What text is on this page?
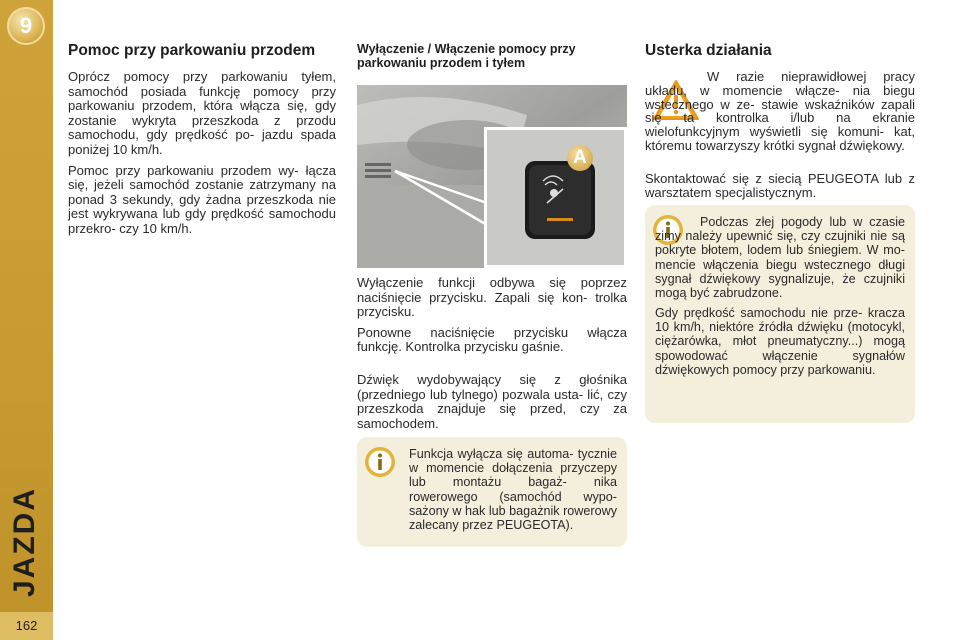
9
JAZDA
162
Pomoc przy parkowaniu przodem

Oprócz pomocy przy parkowaniu tyłem, samochód posiada funkcję pomocy przy parkowaniu przodem, która włącza się, gdy zostanie wykryta przeszkoda z przodu samochodu, gdy prędkość po- jazdu spada poniżej 10 km/h.

Pomoc przy parkowaniu przodem wy- łącza się, jeżeli samochód zostanie zatrzymany na ponad 3 sekundy, gdy żadna przeszkoda nie jest wykrywana lub gdy prędkość samochodu przekro- czy 10 km/h.

Wyłączenie / Włączenie pomocy przy parkowaniu przodem i tyłem
A

Wyłączenie funkcji odbywa się poprzez naciśnięcie przycisku. Zapali się kon- trolka przycisku.

Ponowne naciśnięcie przycisku włącza funkcję. Kontrolka przycisku gaśnie.

Dźwięk wydobywający się z głośnika (przedniego lub tylnego) pozwala usta- lić, czy przeszkoda znajduje się przed, czy za samochodem.

Funkcja wyłącza się automa- tycznie w momencie dołączenia przyczepy lub montażu bagaż- nika rowerowego (samochód wypo- sażony w hak lub bagażnik rowerowy zalecany przez PEUGEOTA).

Usterka działania

W razie nieprawidłowej pracy układu, w momencie włącze- nia biegu wstecznego w ze- stawie wskaźników zapali się ta kontrolka i/lub na ekranie wielofunkcyjnym wyświetli się komuni- kat, któremu towarzyszy krótki sygnał dźwiękowy.

Skontaktować się z siecią PEUGEOTA lub z warsztatem specjalistycznym.

Podczas złej pogody lub w czasie zimy należy upewnić się, czy czujniki nie są pokryte błotem, lodem lub śniegiem. W mo- mencie włączenia biegu wstecznego długi sygnał dźwiękowy sygnalizuje, że czujniki mogą być zabrudzone.

Gdy prędkość samochodu nie prze- kracza 10 km/h, niektóre źródła dźwięku (motocykl, ciężarówka, młot pneumatyczny...) mogą spowodować włączenie sygnałów dźwiękowych pomocy przy parkowaniu.
